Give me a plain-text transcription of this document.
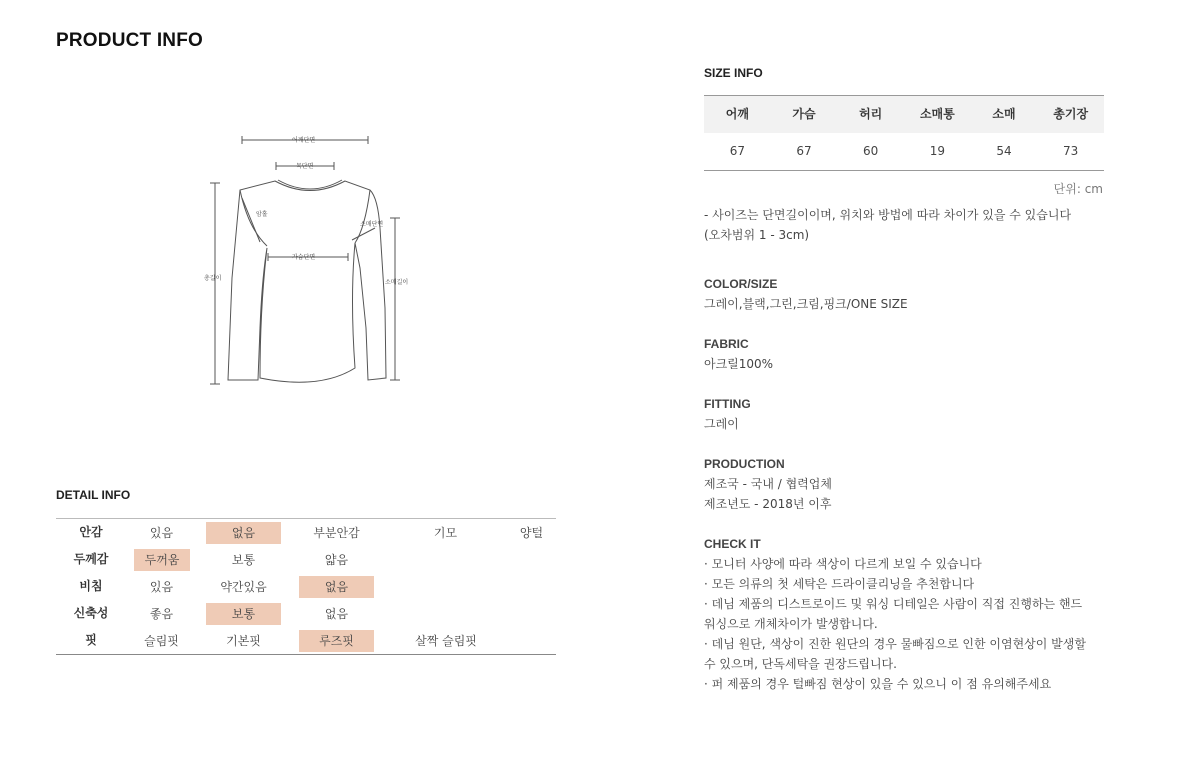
PRODUCT INFO
어깨단면
목단면
암홀
소매단면
가슴단면
총길이
소매길이
DETAIL INFO
안감	있음	없음	부분안감	기모	양털
두께감	두꺼움	보통	얇음
비침	있음	약간있음	없음
신축성	좋음	보통	없음
핏	슬림핏	기본핏	루즈핏	살짝 슬림핏
SIZE INFO
어깨	가슴	허리	소매통	소매	총기장
67	67	60	19	54	73
단위: cm
- 사이즈는 단면길이이며, 위치와 방법에 따라 차이가 있을 수 있습니다
(오차범위 1 - 3cm)
COLOR/SIZE
그레이,블랙,그린,크림,핑크/ONE SIZE
FABRIC
아크릴100%
FITTING
그레이
PRODUCTION
제조국 - 국내 / 협력업체
제조년도 - 2018년 이후
CHECK IT
· 모니터 사양에 따라 색상이 다르게 보일 수 있습니다
· 모든 의류의 첫 세탁은 드라이클리닝을 추천합니다
· 데님 제품의 디스트로이드 및 워싱 디테일은 사람이 직접 진행하는 핸드
워싱으로 개체차이가 발생합니다.
· 데님 원단, 색상이 진한 원단의 경우 물빠짐으로 인한 이염현상이 발생할
수 있으며, 단독세탁을 권장드립니다.
· 퍼 제품의 경우 털빠짐 현상이 있을 수 있으니 이 점 유의해주세요
